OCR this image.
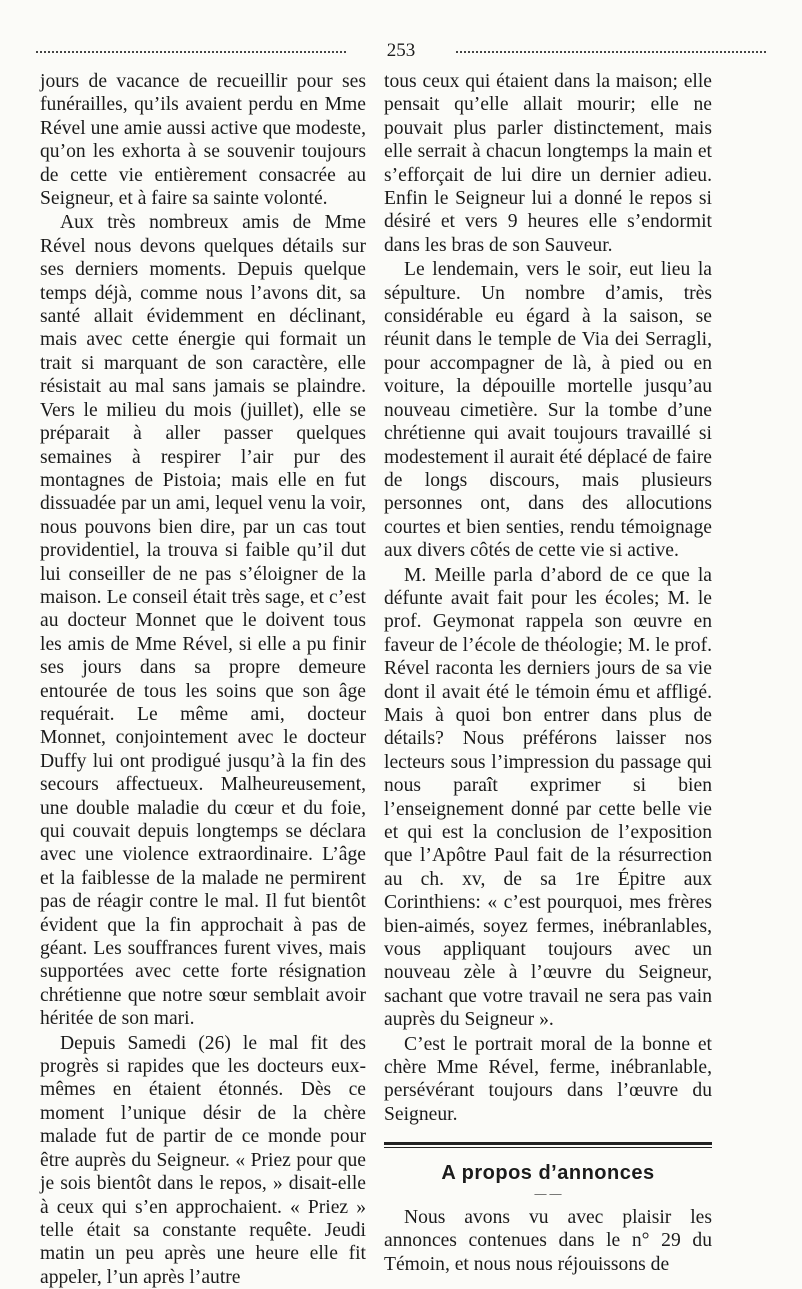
253

jours de vacance de recueillir pour ses funérailles, qu’ils avaient perdu en Mme Rével une amie aussi active que modeste, qu’on les exhorta à se souvenir toujours de cette vie entièrement consacrée au Seigneur, et à faire sa sainte volonté.

Aux très nombreux amis de Mme Rével nous devons quelques détails sur ses derniers moments. Depuis quelque temps déjà, comme nous l’avons dit, sa santé allait évidemment en déclinant, mais avec cette énergie qui formait un trait si marquant de son caractère, elle résistait au mal sans jamais se plaindre. Vers le milieu du mois (juillet), elle se préparait à aller passer quelques semaines à respirer l’air pur des montagnes de Pistoia; mais elle en fut dissuadée par un ami, lequel venu la voir, nous pouvons bien dire, par un cas tout providentiel, la trouva si faible qu’il dut lui conseiller de ne pas s’éloigner de la maison. Le conseil était très sage, et c’est au docteur Monnet que le doivent tous les amis de Mme Rével, si elle a pu finir ses jours dans sa propre demeure entourée de tous les soins que son âge requérait. Le même ami, docteur Monnet, conjointement avec le docteur Duffy lui ont prodigué jusqu’à la fin des secours affectueux. Malheureusement, une double maladie du cœur et du foie, qui couvait depuis longtemps se déclara avec une violence extraordinaire. L’âge et la faiblesse de la malade ne permirent pas de réagir contre le mal. Il fut bientôt évident que la fin approchait à pas de géant. Les souffrances furent vives, mais supportées avec cette forte résignation chrétienne que notre sœur semblait avoir héritée de son mari.

Depuis Samedi (26) le mal fit des progrès si rapides que les docteurs eux-mêmes en étaient étonnés. Dès ce moment l’unique désir de la chère malade fut de partir de ce monde pour être auprès du Seigneur. « Priez pour que je sois bientôt dans le repos, » disait-elle à ceux qui s’en approchaient. « Priez » telle était sa constante requête. Jeudi matin un peu après une heure elle fit appeler, l’un après l’autre

tous ceux qui étaient dans la maison; elle pensait qu’elle allait mourir; elle ne pouvait plus parler distinctement, mais elle serrait à chacun longtemps la main et s’efforçait de lui dire un dernier adieu. Enfin le Seigneur lui a donné le repos si désiré et vers 9 heures elle s’endormit dans les bras de son Sauveur.

Le lendemain, vers le soir, eut lieu la sépulture. Un nombre d’amis, très considérable eu égard à la saison, se réunit dans le temple de Via dei Serragli, pour accompagner de là, à pied ou en voiture, la dépouille mortelle jusqu’au nouveau cimetière. Sur la tombe d’une chrétienne qui avait toujours travaillé si modestement il aurait été déplacé de faire de longs discours, mais plusieurs personnes ont, dans des allocutions courtes et bien senties, rendu témoignage aux divers côtés de cette vie si active.

M. Meille parla d’abord de ce que la défunte avait fait pour les écoles; M. le prof. Geymonat rappela son œuvre en faveur de l’école de théologie; M. le prof. Rével raconta les derniers jours de sa vie dont il avait été le témoin ému et affligé. Mais à quoi bon entrer dans plus de détails? Nous préférons laisser nos lecteurs sous l’impression du passage qui nous paraît exprimer si bien l’enseignement donné par cette belle vie et qui est la conclusion de l’exposition que l’Apôtre Paul fait de la résurrection au ch. xv, de sa 1re Épitre aux Corinthiens: « c’est pourquoi, mes frères bien-aimés, soyez fermes, inébranlables, vous appliquant toujours avec un nouveau zèle à l’œuvre du Seigneur, sachant que votre travail ne sera pas vain auprès du Seigneur ».

C’est le portrait moral de la bonne et chère Mme Rével, ferme, inébranlable, persévérant toujours dans l’œuvre du Seigneur.

A propos d’annonces
— —

Nous avons vu avec plaisir les annonces contenues dans le n° 29 du Témoin, et nous nous réjouissons de
